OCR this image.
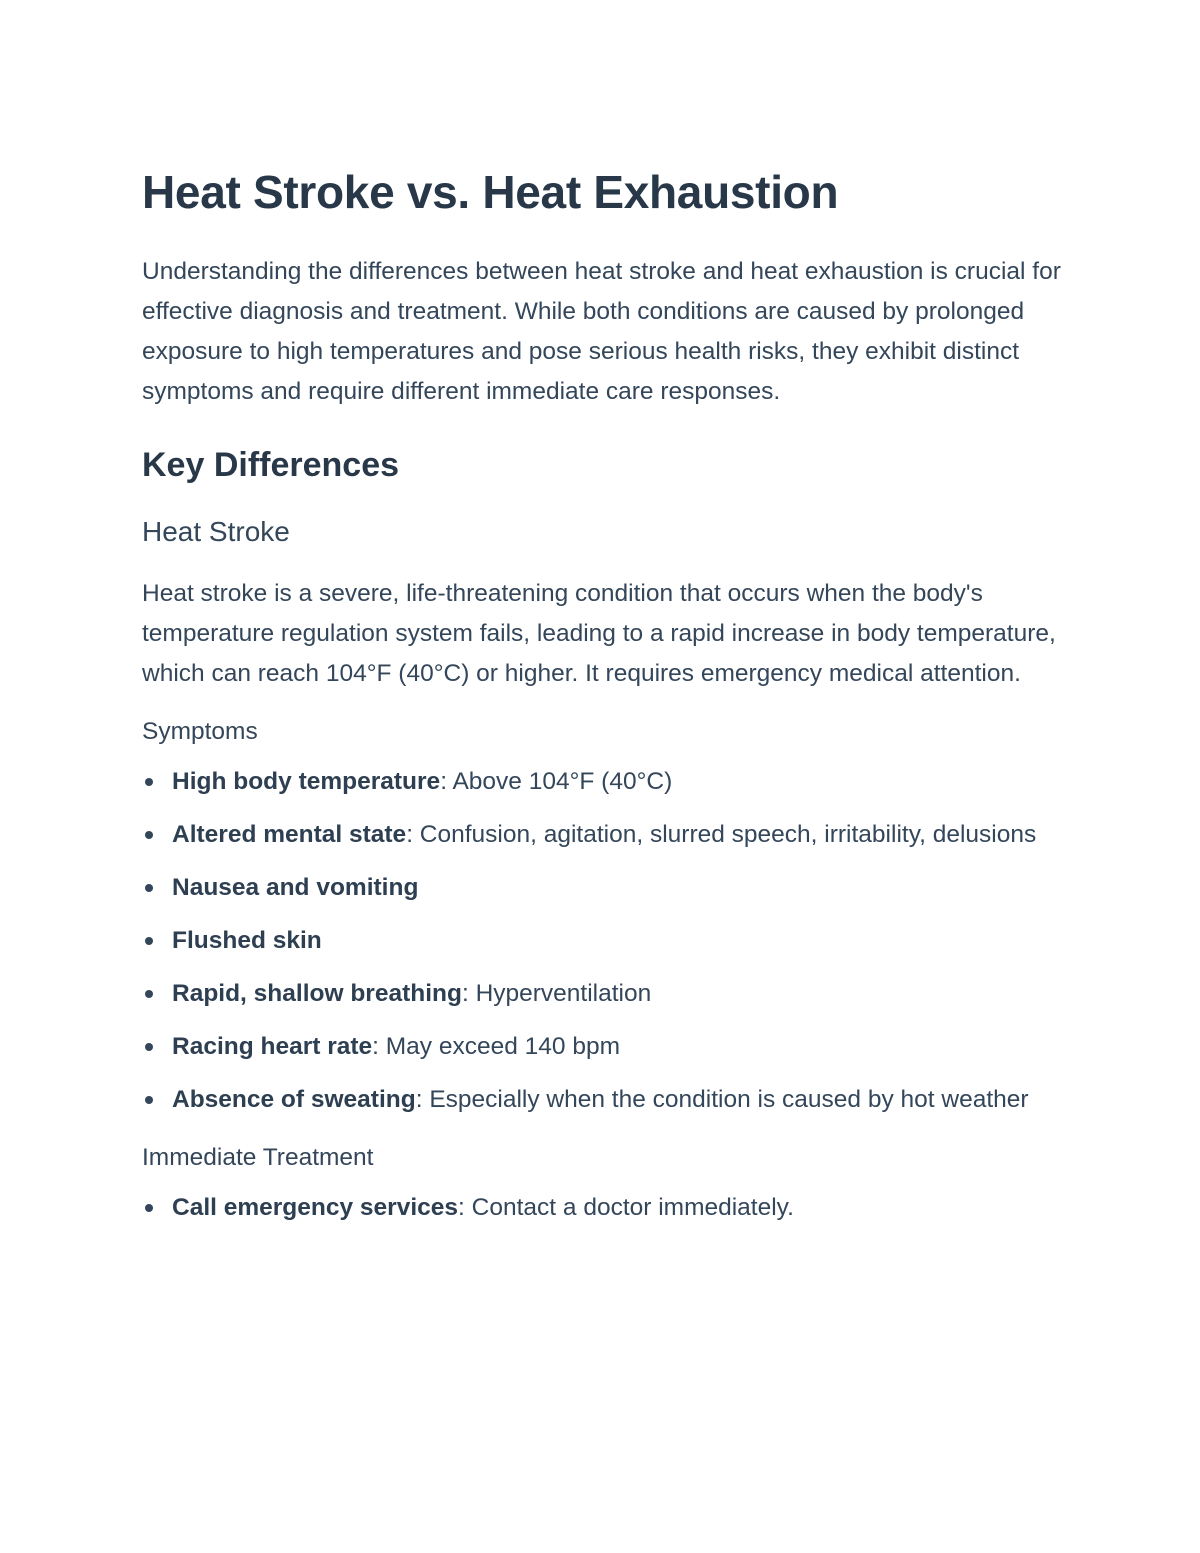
Heat Stroke vs. Heat Exhaustion

Understanding the differences between heat stroke and heat exhaustion is crucial for effective diagnosis and treatment. While both conditions are caused by prolonged exposure to high temperatures and pose serious health risks, they exhibit distinct symptoms and require different immediate care responses.

Key Differences
Heat Stroke

Heat stroke is a severe, life-threatening condition that occurs when the body's temperature regulation system fails, leading to a rapid increase in body temperature, which can reach 104°F (40°C) or higher. It requires emergency medical attention.

Symptoms
High body temperature: Above 104°F (40°C)
Altered mental state: Confusion, agitation, slurred speech, irritability, delusions
Nausea and vomiting
Flushed skin
Rapid, shallow breathing: Hyperventilation
Racing heart rate: May exceed 140 bpm
Absence of sweating: Especially when the condition is caused by hot weather
Immediate Treatment
Call emergency services: Contact a doctor immediately.
